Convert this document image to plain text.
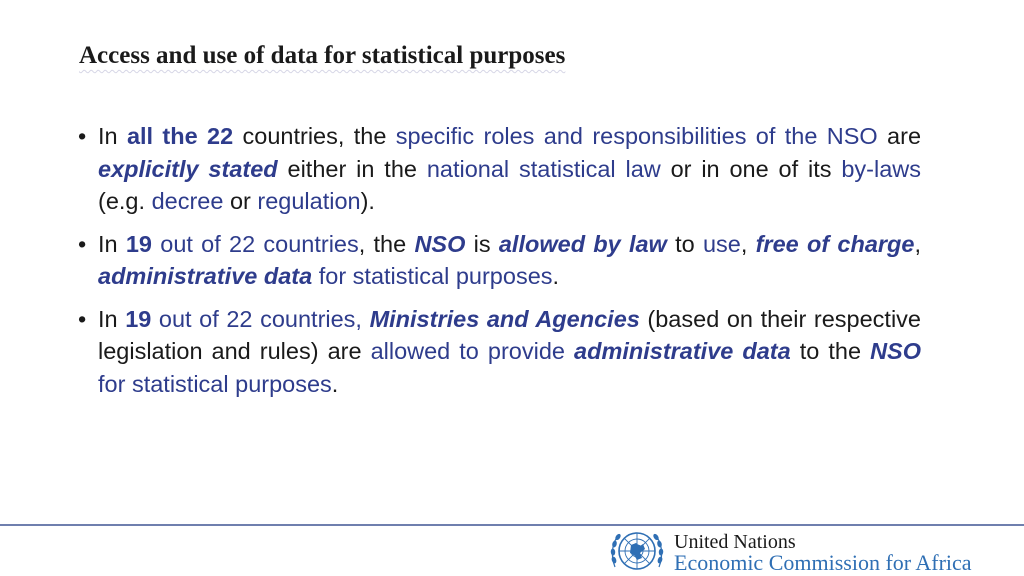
Access and use of data for statistical purposes
• In all the 22 countries, the specific roles and responsibilities of the NSO are explicitly stated either in the national statistical law or in one of its by-laws (e.g. decree or regulation).
• In 19 out of 22 countries, the NSO is allowed by law to use, free of charge, administrative data for statistical purposes.
• In 19 out of 22 countries, Ministries and Agencies (based on their respective legislation and rules) are allowed to provide administrative data to the NSO for statistical purposes.
United Nations
Economic Commission for Africa
